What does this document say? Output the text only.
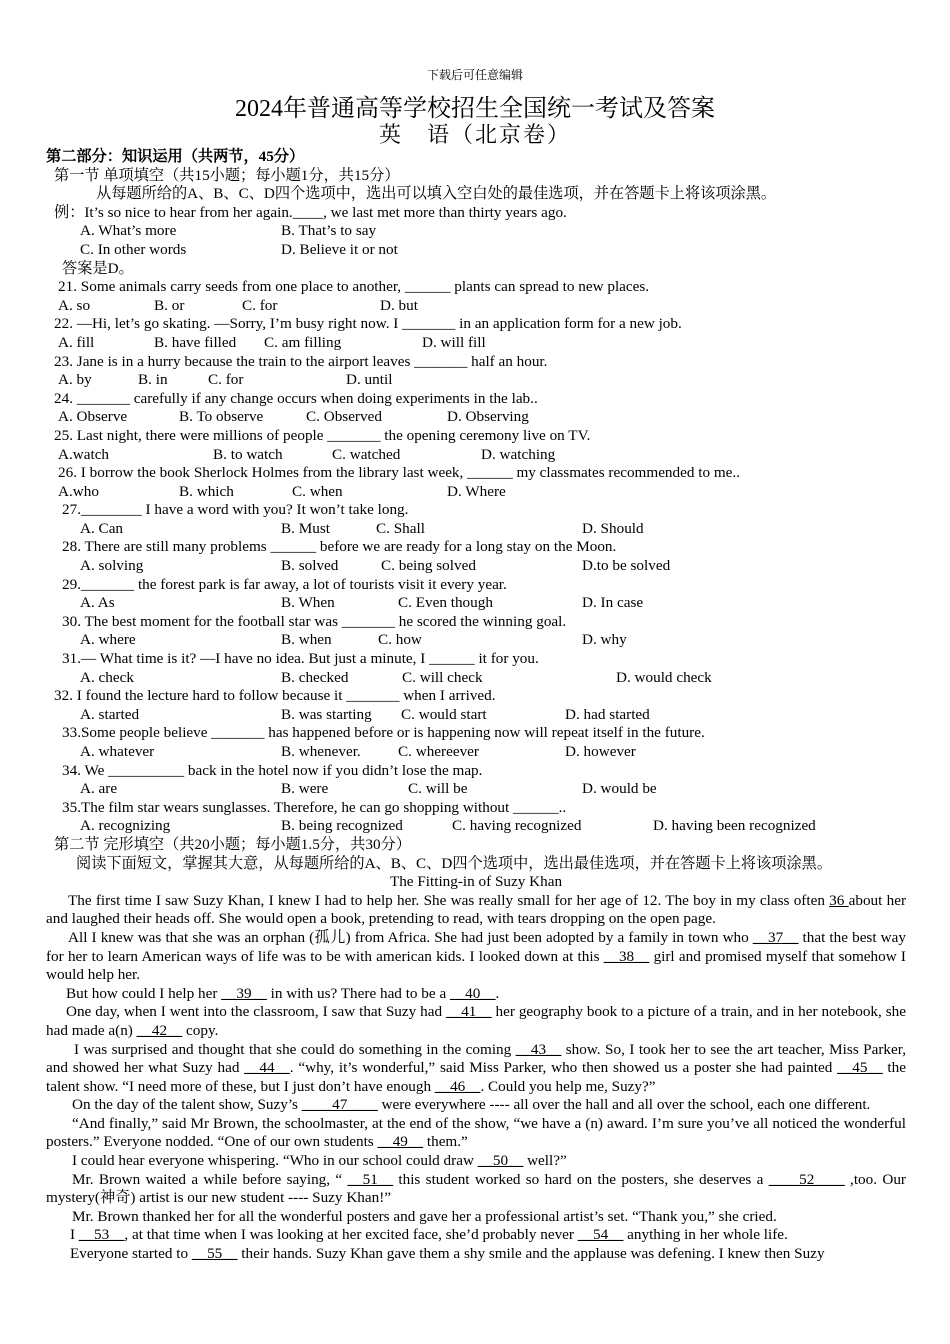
下载后可任意编辑
2024年普通高等学校招生全国统一考试及答案
英　语（北京卷）
第二部分：知识运用（共两节，45分）
第一节 单项填空（共15小题；每小题1分，共15分）
从每题所给的A、B、C、D四个选项中，选出可以填入空白处的最佳选项，并在答题卡上将该项涂黑。
例：It’s so nice to hear from her again.____, we last met more than thirty years ago.
A. What’s more	B. That’s to say
C. In other words	D. Believe it or not
答案是D。
21. Some animals carry seeds from one place to another, ______ plants can spread to new places.
A. so	B. or	C. for	D. but
22. —Hi, let’s go skating. —Sorry, I’m busy right now. I _______ in an application form for a new job.
A. fill	B. have filled C. am filling	D. will fill
23. Jane is in a hurry because the train to the airport leaves _______ half an hour.
A. by	B. in	C. for	D. until
24. _______ carefully if any change occurs when doing experiments in the lab..
A. Observe	B. To observe	C. Observed	D. Observing
25. Last night, there were millions of people _______ the opening ceremony live on TV.
A.watch	B. to watch	C. watched	D. watching
26. I borrow the book Sherlock Holmes from the library last week, ______ my classmates recommended to me..
A.who	B. which	C. when	D. Where
27.________ I have a word with you? It won’t take long.
A. Can	B. Must	C. Shall	D. Should
28. There are still many problems ______ before we are ready for a long stay on the Moon.
A. solving	B. solved	C. being solved	D.to be solved
29._______ the forest park is far away, a lot of tourists visit it every year.
A. As	B. When	C. Even though	D. In case
30. The best moment for the football star was _______ he scored the winning goal.
A. where	B. when	C. how	D. why
31.— What time is it? —I have no idea. But just a minute, I ______ it for you.
A. check	B. checked	C. will check	D. would check
32. I found the lecture hard to follow because it _______ when I arrived.
A. started	B. was starting C. would start	D. had started
33.Some people believe _______ has happened before or is happening now will repeat itself in the future.
A. whatever	B. whenever. C. whereever	D. however
34. We __________ back in the hotel now if you didn’t lose the map.
A. are	B. were	C. will be	D. would be
35.The film star wears sunglasses. Therefore, he can go shopping without ______..
A. recognizing	B. being recognized	C. having recognized	D. having been recognized
第二节 完形填空（共20小题；每小题1.5分，共30分）
阅读下面短文，掌握其大意，从每题所给的A、B、C、D四个选项中，选出最佳选项，并在答题卡上将该项涂黑。
The Fitting-in of Suzy Khan
The first time I saw Suzy Khan, I knew I had to help her. She was really small for her age of 12. The boy in my class often 36 about her and laughed their heads off. She would open a book, pretending to read, with tears dropping on the open page.
All I knew was that she was an orphan (孤儿) from Africa. She had just been adopted by a family in town who __37__ that the best way for her to learn American ways of life was to be with american kids. I looked down at this __38__ girl and promised myself that somehow I would help her.
But how could I help her __39__ in with us? There had to be a __40__.
One day, when I went into the classroom, I saw that Suzy had __41__ her geography book to a picture of a train, and in her notebook, she had made a(n) __42__ copy.
I was surprised and thought that she could do something in the coming __43__ show. So, I took her to see the art teacher, Miss Parker, and showed her what Suzy had __44__. “why, it’s wonderful,” said Miss Parker, who then showed us a poster she had painted __45__ the talent show. “I need more of these, but I just don’t have enough __46__. Could you help me, Suzy?”
On the day of the talent show, Suzy’s ____47____ were everywhere ---- all over the hall and all over the school, each one different.
“And finally,” said Mr Brown, the schoolmaster, at the end of the show, “we have a (n) award. I’m sure you’ve all noticed the wonderful posters.” Everyone nodded. “One of our own students __49__ them.”
I could hear everyone whispering. “Who in our school could draw __50__ well?”
Mr. Brown waited a while before saying, “ __51__ this student worked so hard on the posters, she deserves a ____52____ ,too. Our mystery(神奇) artist is our new student ---- Suzy Khan!”
Mr. Brown thanked her for all the wonderful posters and gave her a professional artist’s set. “Thank you,” she cried.
I __53__, at that time when I was looking at her excited face, she’d probably never __54__ anything in her whole life.
Everyone started to __55__ their hands. Suzy Khan gave them a shy smile and the applause was defening. I knew then Suzy
